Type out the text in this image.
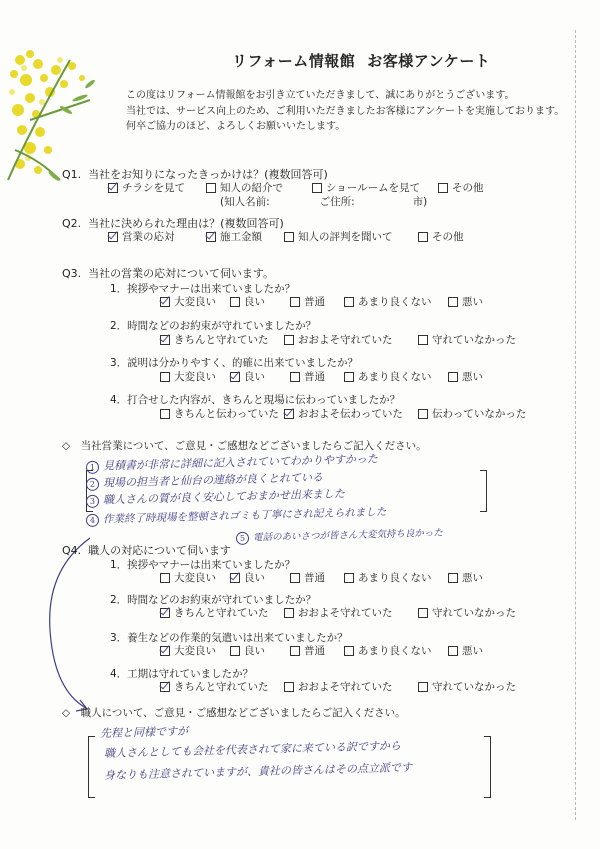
リフォーム情報館 お客様アンケート
この度はリフォーム情報館をお引き立ていただきまして、誠にありがとうございます。
当社では、サービス向上のため、ご利用いただきましたお客様にアンケートを実施しております。
何卒ご協力のほど、よろしくお願いいたします。
Q1. 当社をお知りになったきっかけは？(複数回答可)
チラシを見て	知人の紹介で	ショールームを見て	その他
(知人名前:	ご住所:	市)
Q2. 当社に決められた理由は？(複数回答可)
営業の応対	施工金額	知人の評判を聞いて	その他
Q3. 当社の営業の応対について伺います。
1．挨拶やマナーは出来ていましたか？
大変良い	良い	普通	あまり良くない	悪い
2．時間などのお約束が守れていましたか？
きちんと守れていた	おおよそ守れていた	守れていなかった
3．説明は分かりやすく、的確に出来ていましたか？
大変良い	良い	普通	あまり良くない	悪い
4．打合せした内容が、きちんと現場に伝わっていましたか？
きちんと伝わっていた おおよそ伝わっていた	伝わっていなかった
◇　当社営業について、ご意見・ご感想などございましたらご記入ください。
1 見積書が非常に詳細に記入されていてわかりやすかった
2 現場の担当者と仙台の連絡が良くとれている
3 職人さんの質が良く安心しておまかせ出来ました
4 作業終了時現場を整頓されゴミも丁寧にされ記えられました
5 電話のあいさつが皆さん大変気持ち良かった
Q4. 職人の対応について伺います
1．挨拶やマナーは出来ていましたか？
大変良い	良い	普通	あまり良くない	悪い
2．時間などのお約束が守れていましたか？
きちんと守れていた	おおよそ守れていた	守れていなかった
3．養生などの作業的気遣いは出来ていましたか？
大変良い	良い	普通	あまり良くない	悪い
4．工期は守れていましたか？
きちんと守れていた	おおよそ守れていた	守れていなかった
◇　職人について、ご意見・ご感想などございましたらご記入ください。
先程と同様ですが
職人さんとしても会社を代表されて家に来ている訳ですから
身なりも注意されていますが、貴社の皆さんはその点立派です
